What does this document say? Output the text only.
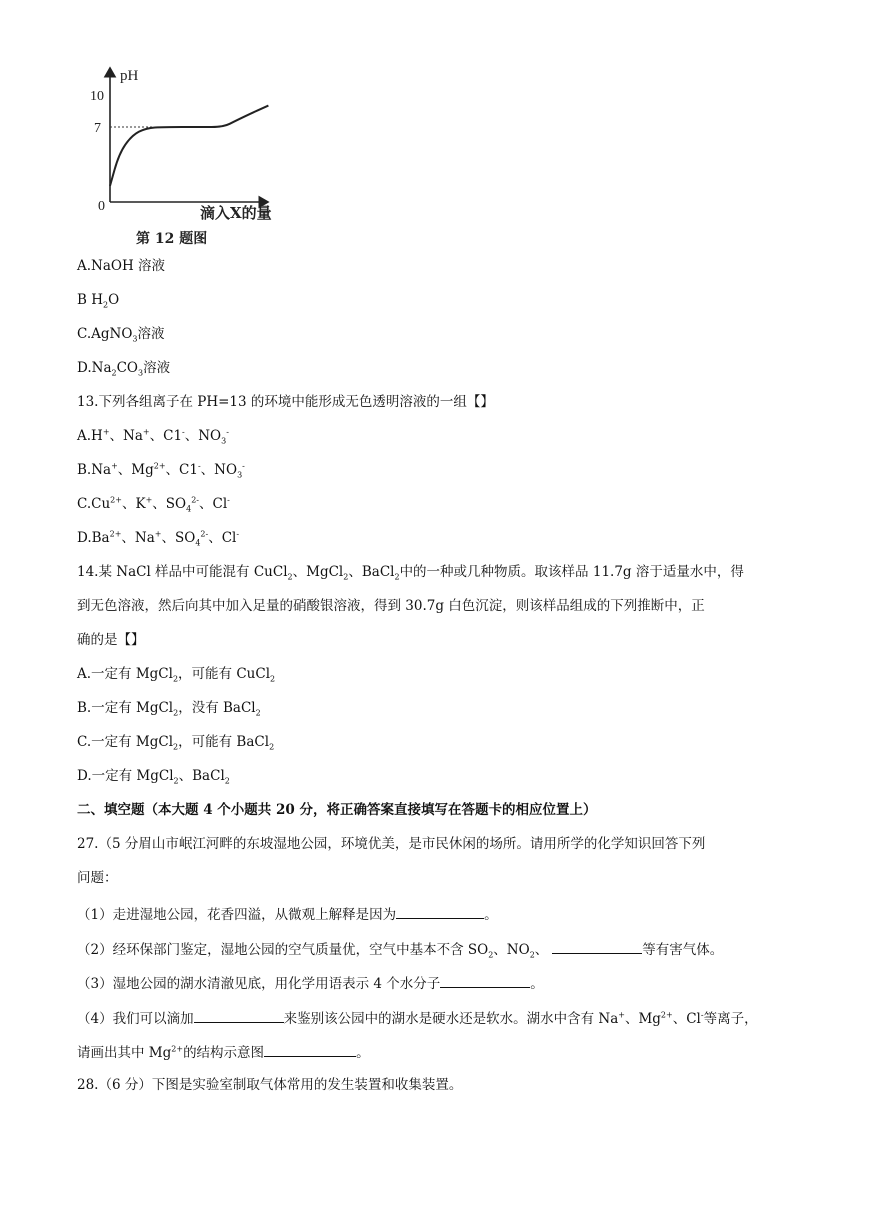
pH
10
7
0	滴入X的量
第 12 题图
A.NaOH 溶液
B $H_2O$
C.AgNO$_3$溶液
$D.Na_2CO_3$溶液
13.下列各组离子在 PH=13 的环境中能形成无色透明溶液的一组【】
A.H+、Na+、C1-、$NO_3^-$
B.Na+、$Mg^{2+}$、C1-、$NO_3^-$
$C.Cu^{2+}$、K+、$SO_4^{2-}$、Cl-
$D.Ba^{2+}$、Na+、$SO_4^{2-}$、Cl-
14.某 NaCl 样品中可能混有 CuCl$_2$、MgCl$_2$、BaCl$_2$中的一种或几种物质。取该样品 11.7g 溶于适量水中，得
到无色溶液，然后向其中加入足量的硝酸银溶液，得到 30.7g 白色沉淀，则该样品组成的下列推断中，正
确的是【】
A.一定有 MgCl$_2$，可能有 CuCl$_2$
B.一定有 MgCl$_2$，没有 BaCl$_2$
C.一定有 MgCl$_2$，可能有 BaCl$_2$
D.一定有 MgCl$_2$、BaCl$_2$
二、填空题（本大题 4 个小题共 20 分，将正确答案直接填写在答题卡的相应位置上）
27.（5 分眉山市岷江河畔的东坡湿地公园，环境优美，是市民休闲的场所。请用所学的化学知识回答下列
问题：
（1）走进湿地公园，花香四溢，从微观上解释是因为	。
（2）经环保部门鉴定，湿地公园的空气质量优，空气中基本不含 $SO_2$、$NO_2$、	等有害气体。
（3）湿地公园的湖水清澈见底，用化学用语表示 4 个水分子	。
（4）我们可以滴加	来鉴别该公园中的湖水是硬水还是软水。湖水中含有 Na+、$Mg^{2+}$、Cl-等离子，
请画出其中 $Mg^{2+}$的结构示意图	。
28.（6 分）下图是实验室制取气体常用的发生装置和收集装置。
